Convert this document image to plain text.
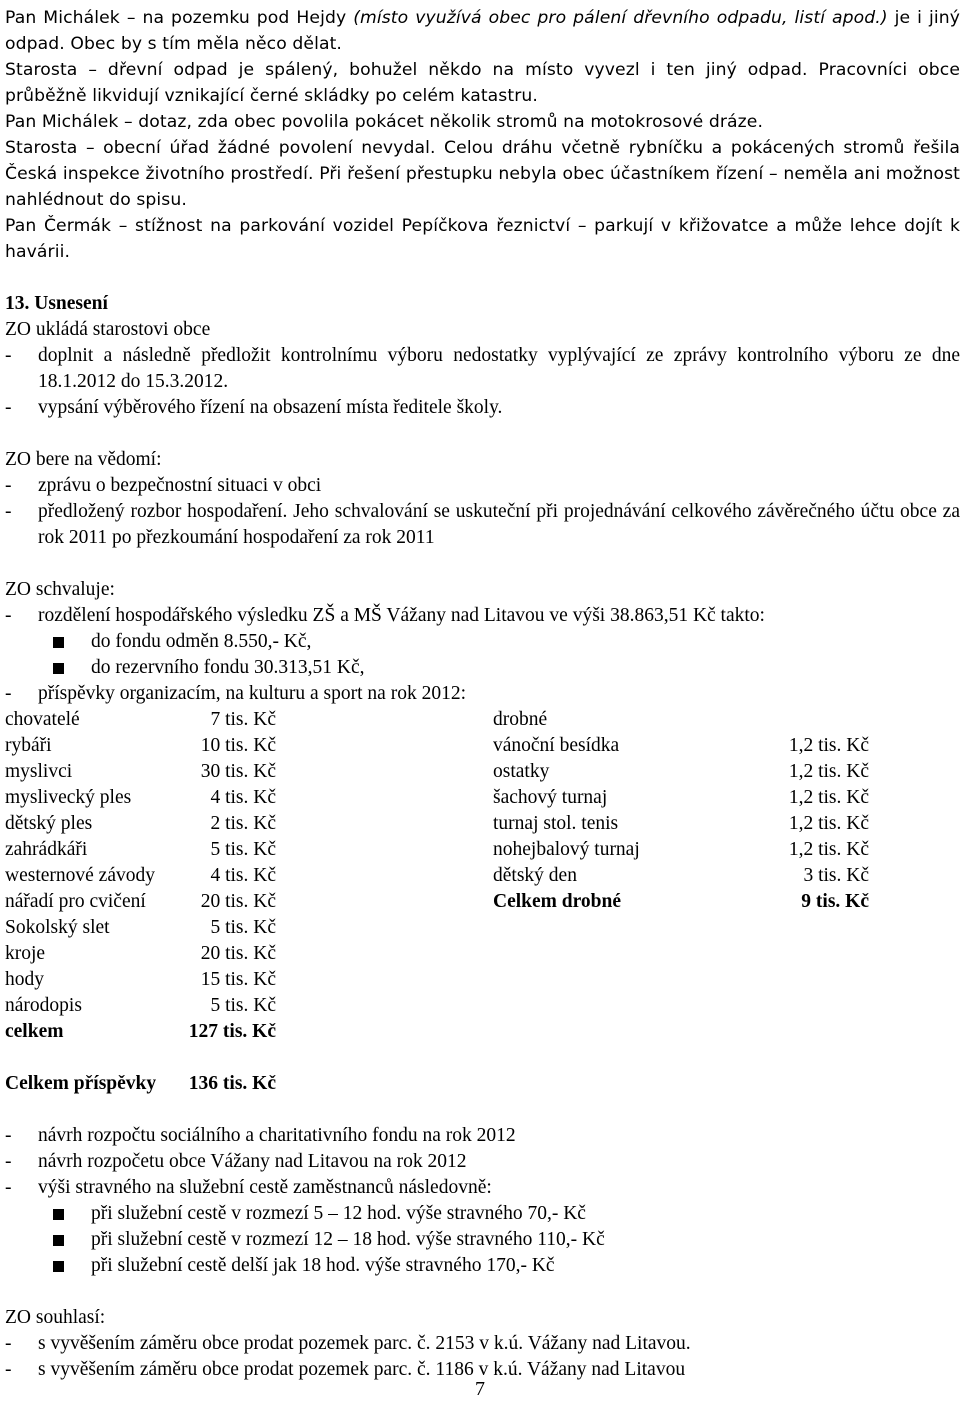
Pan Michálek – na pozemku pod Hejdy (místo využívá obec pro pálení dřevního odpadu, listí apod.) je i jiný odpad. Obec by s tím měla něco dělat.

Starosta – dřevní odpad je spálený, bohužel někdo na místo vyvezl i ten jiný odpad. Pracovníci obce průběžně likvidují vznikající černé skládky po celém katastru.

Pan Michálek – dotaz, zda obec povolila pokácet několik stromů na motokrosové dráze.

Starosta – obecní úřad žádné povolení nevydal. Celou dráhu včetně rybníčku a pokácených stromů řešila Česká inspekce životního prostředí. Při řešení přestupku nebyla obec účastníkem řízení – neměla ani možnost nahlédnout do spisu.

Pan Čermák – stížnost na parkování vozidel Pepíčkova řeznictví – parkují v křižovatce a může lehce dojít k havárii.

13. Usnesení

ZO ukládá starostovi obce

-	doplnit a následně předložit kontrolnímu výboru nedostatky vyplývající ze zprávy kontrolního výboru ze dne 18.1.2012 do 15.3.2012.
-	vypsání výběrového řízení na obsazení místa ředitele školy.

ZO bere na vědomí:

-	zprávu o bezpečnostní situaci v obci
-	předložený rozbor hospodaření. Jeho schvalování se uskuteční při projednávání celkového závěrečného účtu obce za rok 2011 po přezkoumání hospodaření za rok 2011

ZO schvaluje:

-	rozdělení hospodářského výsledku ZŠ a MŠ Vážany nad Litavou ve výši 38.863,51 Kč takto:
do fondu odměn 8.550,- Kč,
do rezervního fondu 30.313,51 Kč,
-	příspěvky organizacím, na kulturu a sport na rok 2012:
chovatelé	7 tis. Kč	drobné
rybáři	10 tis. Kč	vánoční besídka	1,2 tis. Kč
myslivci	30 tis. Kč	ostatky	1,2 tis. Kč
myslivecký ples	4 tis. Kč	šachový turnaj	1,2 tis. Kč
dětský ples	2 tis. Kč	turnaj stol. tenis	1,2 tis. Kč
zahrádkáři	5 tis. Kč	nohejbalový turnaj	1,2 tis. Kč
westernové závody	4 tis. Kč	dětský den	3 tis. Kč
nářadí pro cvičení	20 tis. Kč	Celkem drobné	9 tis. Kč
Sokolský slet	5 tis. Kč
kroje	20 tis. Kč
hody	15 tis. Kč
národopis	5 tis. Kč
celkem	127 tis. Kč
Celkem příspěvky 136 tis. Kč
-	návrh rozpočtu sociálního a charitativního fondu na rok 2012
-	návrh rozpočetu obce Vážany nad Litavou na rok 2012
-	výši stravného na služební cestě zaměstnanců následovně:
při služební cestě v rozmezí 5 – 12 hod. výše stravného 70,- Kč
při služební cestě v rozmezí 12 – 18 hod. výše stravného 110,- Kč
při služební cestě delší jak 18 hod. výše stravného 170,- Kč

ZO souhlasí:

-	s vyvěšením záměru obce prodat pozemek parc. č. 2153 v k.ú. Vážany nad Litavou.
-	s vyvěšením záměru obce prodat pozemek parc. č. 1186 v k.ú. Vážany nad Litavou
7
